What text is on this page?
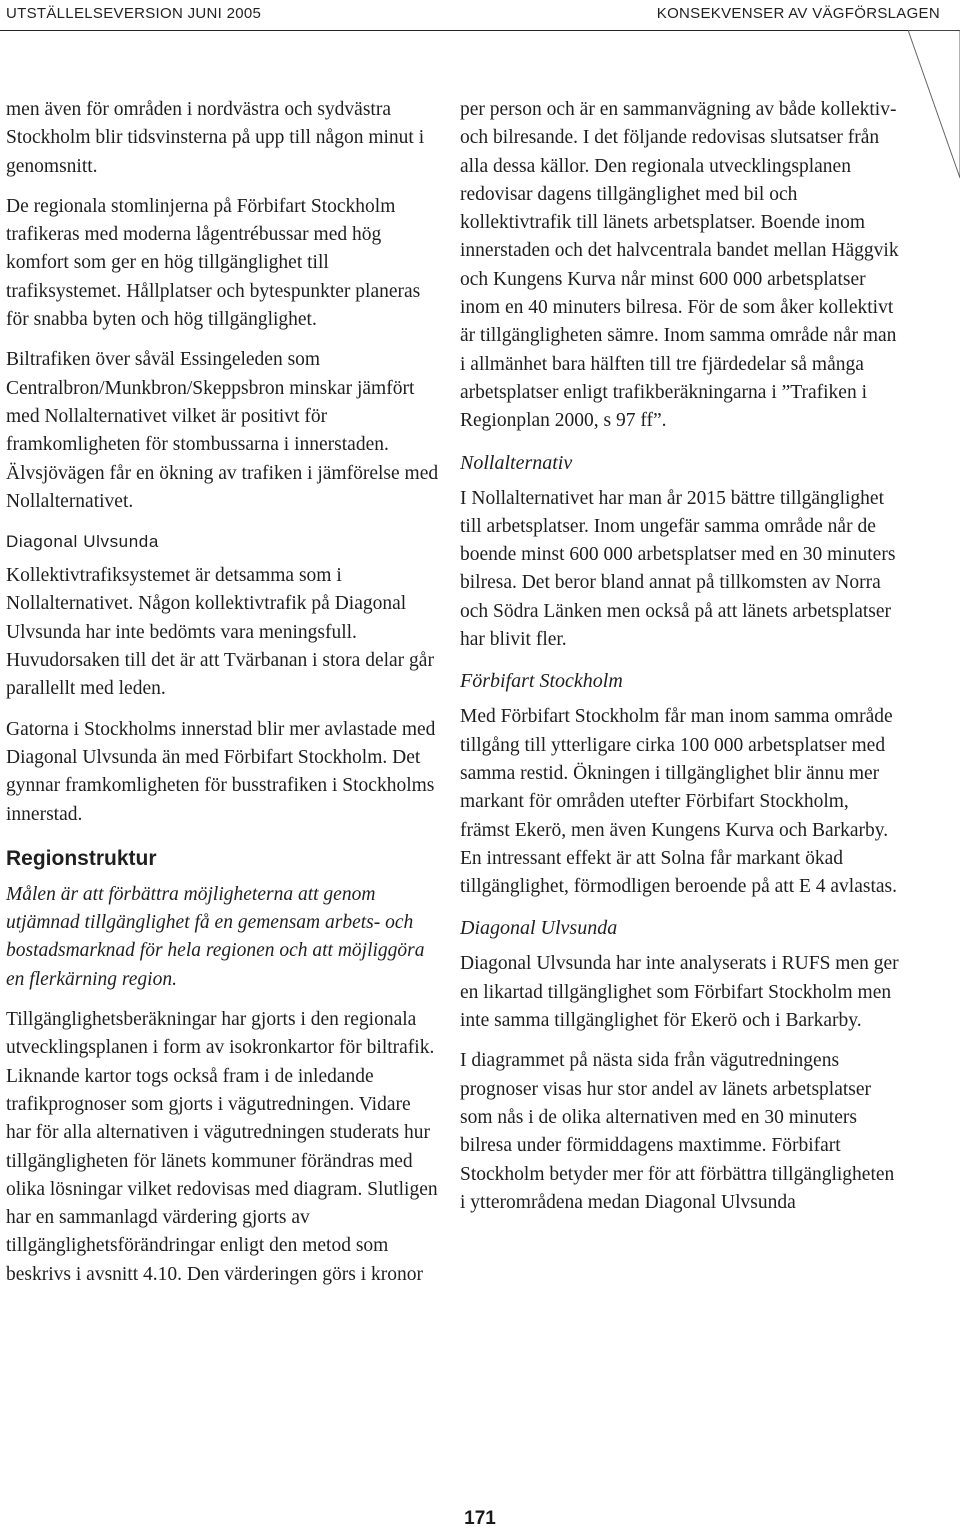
UTSTÄLLELSEVERSION JUNI 2005	KONSEKVENSER AV VÄGFÖRSLAGEN

men även för områden i nordvästra och sydvästra Stockholm blir tidsvinsterna på upp till någon minut i genomsnitt.

De regionala stomlinjerna på Förbifart Stockholm trafikeras med moderna lågentrébussar med hög komfort som ger en hög tillgänglighet till trafiksystemet. Hållplatser och bytespunkter planeras för snabba byten och hög tillgänglighet.

Biltrafiken över såväl Essingeleden som Centralbron/Munkbron/Skeppsbron minskar jämfört med Nollalternativet vilket är positivt för framkomligheten för stombussarna i innerstaden. Älvsjövägen får en ökning av trafiken i jämförelse med Nollalternativet.

Diagonal Ulvsunda

Kollektivtrafiksystemet är detsamma som i Nollalternativet. Någon kollektivtrafik på Diagonal Ulvsunda har inte bedömts vara meningsfull. Huvudorsaken till det är att Tvärbanan i stora delar går parallellt med leden.

Gatorna i Stockholms innerstad blir mer avlastade med Diagonal Ulvsunda än med Förbifart Stockholm. Det gynnar framkomligheten för busstrafiken i Stockholms innerstad.

Regionstruktur

Målen är att förbättra möjligheterna att genom utjämnad tillgänglighet få en gemensam arbets- och bostadsmarknad för hela regionen och att möjliggöra en flerkärning region.

Tillgänglighetsberäkningar har gjorts i den regionala utvecklingsplanen i form av isokronkartor för biltrafik. Liknande kartor togs också fram i de inledande trafikprognoser som gjorts i vägutredningen. Vidare har för alla alternativen i vägutredningen studerats hur tillgängligheten för länets kommuner förändras med olika lösningar vilket redovisas med diagram. Slutligen har en sammanlagd värdering gjorts av tillgänglighetsförändringar enligt den metod som beskrivs i avsnitt 4.10. Den värderingen görs i kronor

per person och är en sammanvägning av både kollektiv- och bilresande. I det följande redovisas slutsatser från alla dessa källor. Den regionala utvecklingsplanen redovisar dagens tillgänglighet med bil och kollektivtrafik till länets arbetsplatser. Boende inom innerstaden och det halvcentrala bandet mellan Häggvik och Kungens Kurva når minst 600 000 arbetsplatser inom en 40 minuters bilresa. För de som åker kollektivt är tillgängligheten sämre. Inom samma område når man i allmänhet bara hälften till tre fjärdedelar så många arbetsplatser enligt trafikberäkningarna i ”Trafiken i Regionplan 2000, s 97 ff”.

Nollalternativ

I Nollalternativet har man år 2015 bättre tillgänglighet till arbetsplatser. Inom ungefär samma område når de boende minst 600 000 arbetsplatser med en 30 minuters bilresa. Det beror bland annat på tillkomsten av Norra och Södra Länken men också på att länets arbetsplatser har blivit fler.

Förbifart Stockholm

Med Förbifart Stockholm får man inom samma område tillgång till ytterligare cirka 100 000 arbetsplatser med samma restid. Ökningen i tillgänglighet blir ännu mer markant för områden utefter Förbifart Stockholm, främst Ekerö, men även Kungens Kurva och Barkarby. En intressant effekt är att Solna får markant ökad tillgänglighet, förmodligen beroende på att E 4 avlastas.

Diagonal Ulvsunda

Diagonal Ulvsunda har inte analyserats i RUFS men ger en likartad tillgänglighet som Förbifart Stockholm men inte samma tillgänglighet för Ekerö och i Barkarby.

I diagrammet på nästa sida från vägutredningens prognoser visas hur stor andel av länets arbetsplatser som nås i de olika alternativen med en 30 minuters bilresa under förmiddagens maxtimme. Förbifart Stockholm betyder mer för att förbättra tillgängligheten i ytterområdena medan Diagonal Ulvsunda

171
